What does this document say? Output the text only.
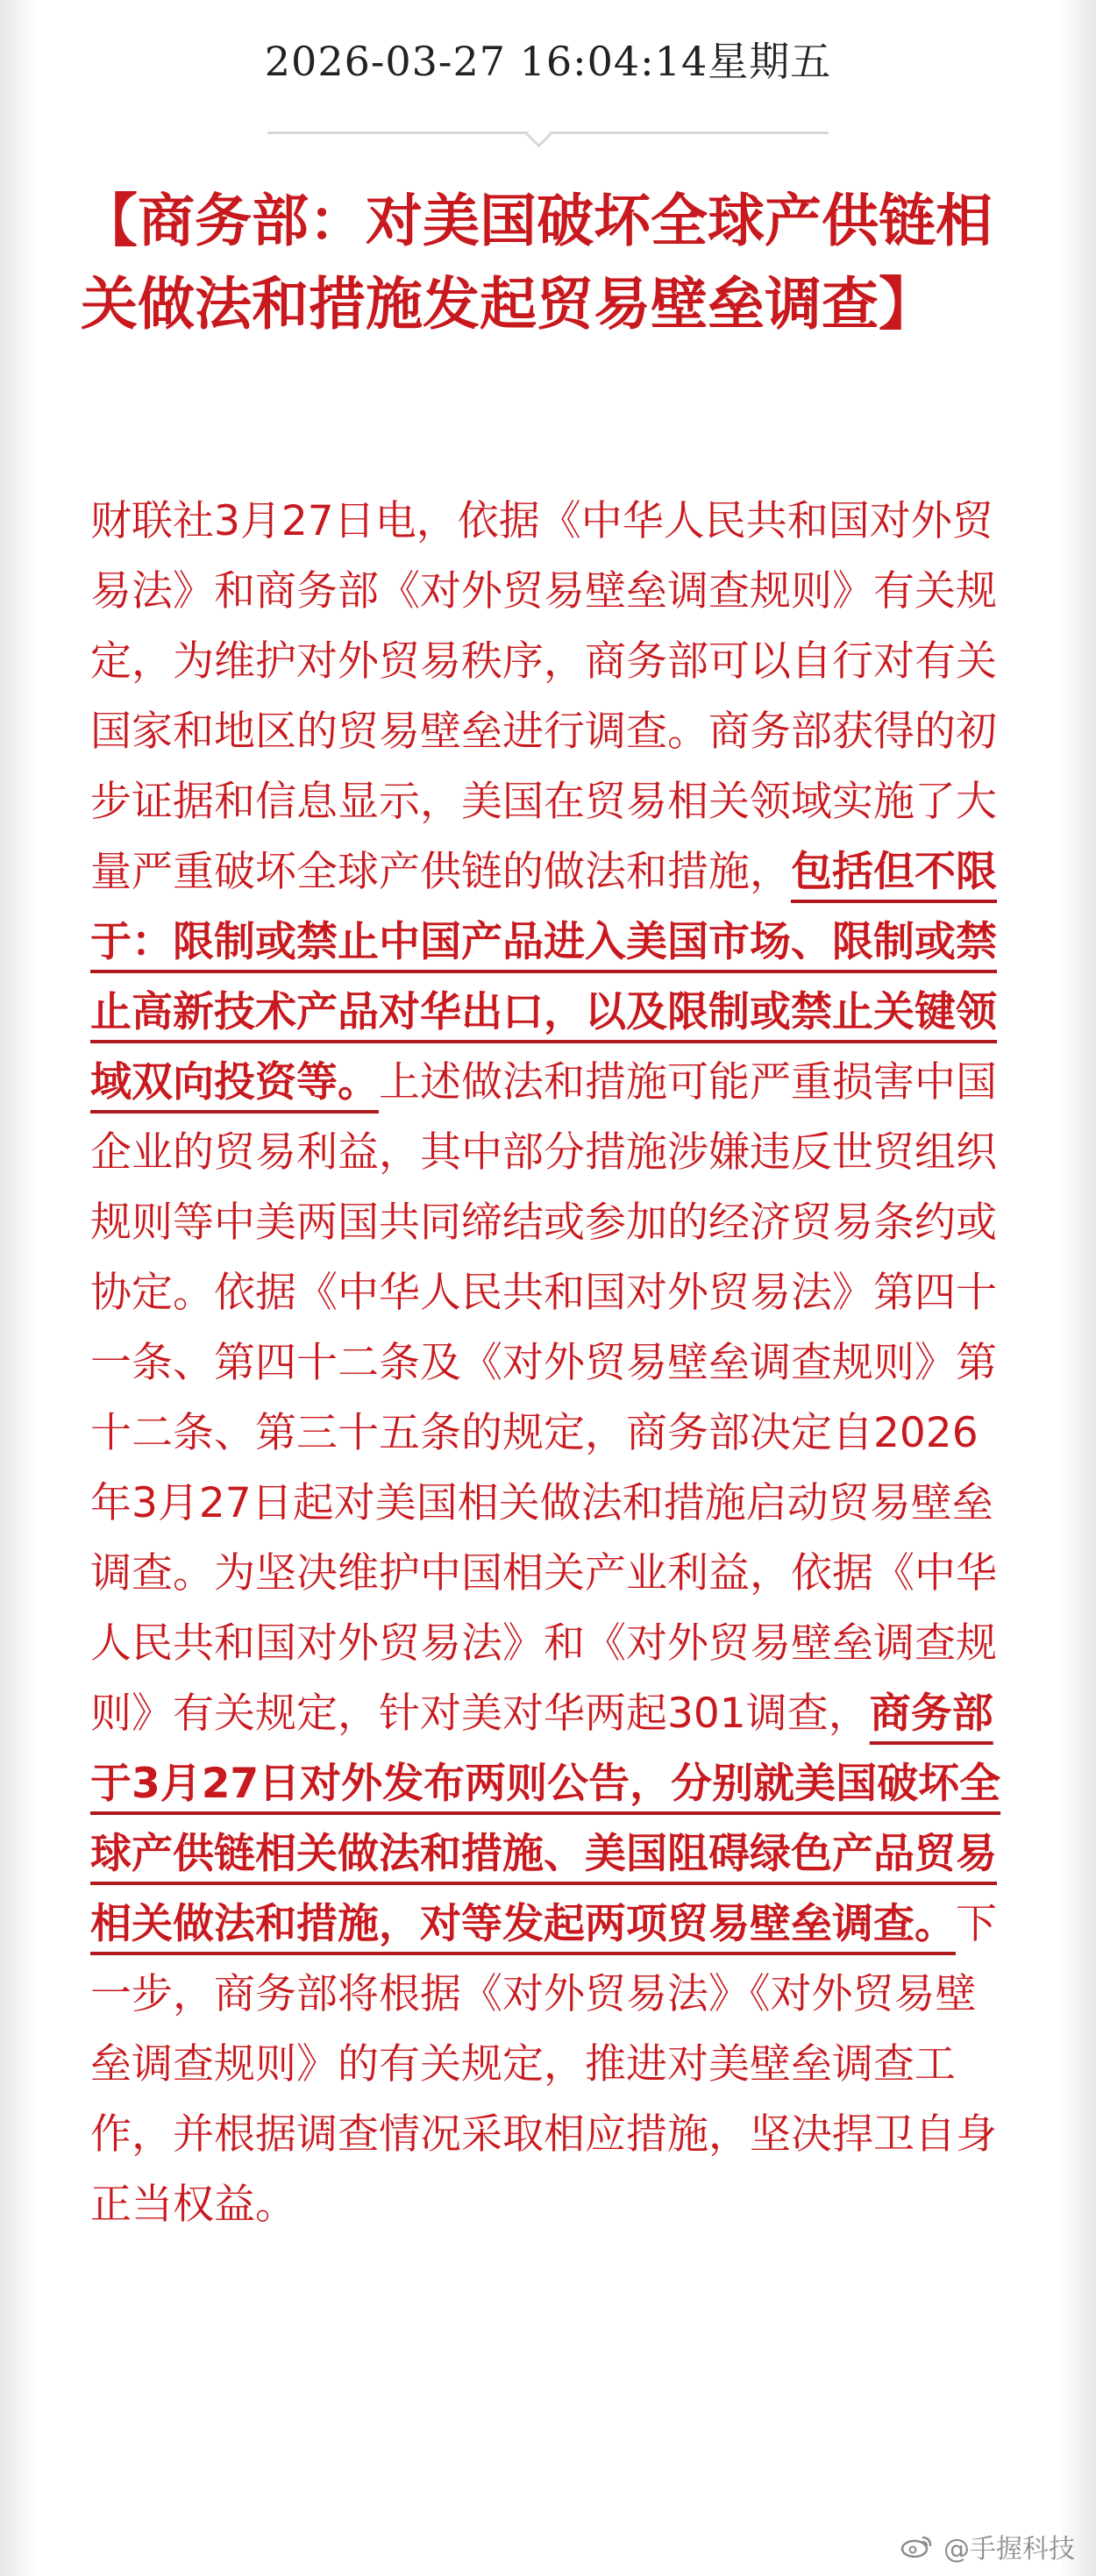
2026-03-27 16:04:14星期五
【商务部：对美国破坏全球产供链相关做法和措施发起贸易壁垒调查】

财联社3月27日电，依据《中华人民共和国对外贸易法》和商务部《对外贸易壁垒调查规则》有关规定，为维护对外贸易秩序，商务部可以自行对有关国家和地区的贸易壁垒进行调查。商务部获得的初步证据和信息显示，美国在贸易相关领域实施了大量严重破坏全球产供链的做法和措施，包括但不限于：限制或禁止中国产品进入美国市场、限制或禁止高新技术产品对华出口，以及限制或禁止关键领域双向投资等。上述做法和措施可能严重损害中国企业的贸易利益，其中部分措施涉嫌违反世贸组织规则等中美两国共同缔结或参加的经济贸易条约或协定。依据《中华人民共和国对外贸易法》第四十一条、第四十二条及《对外贸易壁垒调查规则》第十二条、第三十五条的规定，商务部决定自2026年3月27日起对美国相关做法和措施启动贸易壁垒调查。为坚决维护中国相关产业利益，依据《中华人民共和国对外贸易法》和《对外贸易壁垒调查规则》有关规定，针对美对华两起301调查，商务部于3月27日对外发布两则公告，分别就美国破坏全球产供链相关做法和措施、美国阻碍绿色产品贸易相关做法和措施，对等发起两项贸易壁垒调查。下一步，商务部将根据《对外贸易法》《对外贸易壁垒调查规则》的有关规定，推进对美壁垒调查工作，并根据调查情况采取相应措施，坚决捍卫自身正当权益。

@手握科技
